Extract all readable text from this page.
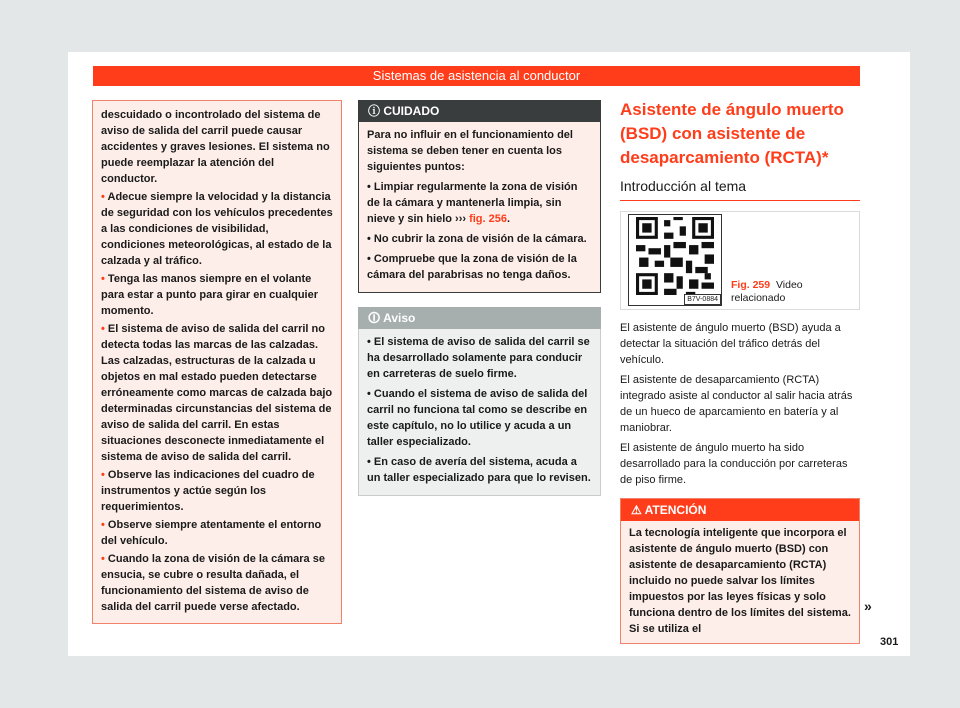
Sistemas de asistencia al conductor

descuidado o incontrolado del sistema de aviso de salida del carril puede causar accidentes y graves lesiones. El sistema no puede reemplazar la atención del conductor.

• Adecue siempre la velocidad y la distancia de seguridad con los vehículos precedentes a las condiciones de visibilidad, condiciones meteorológicas, al estado de la calzada y al tráfico.

• Tenga las manos siempre en el volante para estar a punto para girar en cualquier momento.

• El sistema de aviso de salida del carril no detecta todas las marcas de las calzadas. Las calzadas, estructuras de la calzada u objetos en mal estado pueden detectarse erróneamente como marcas de calzada bajo determinadas circunstancias del sistema de aviso de salida del carril. En estas situaciones desconecte inmediatamente el sistema de aviso de salida del carril.

• Observe las indicaciones del cuadro de instrumentos y actúe según los requerimientos.

• Observe siempre atentamente el entorno del vehículo.

• Cuando la zona de visión de la cámara se ensucia, se cubre o resulta dañada, el funcionamiento del sistema de aviso de salida del carril puede verse afectado.

ⓘ CUIDADO

Para no influir en el funcionamiento del sistema se deben tener en cuenta los siguientes puntos:

• Limpiar regularmente la zona de visión de la cámara y mantenerla limpia, sin nieve y sin hielo ››› fig. 256.

• No cubrir la zona de visión de la cámara.

• Compruebe que la zona de visión de la cámara del parabrisas no tenga daños.

🛈 Aviso

• El sistema de aviso de salida del carril se ha desarrollado solamente para conducir en carreteras de suelo firme.

• Cuando el sistema de aviso de salida del carril no funciona tal como se describe en este capítulo, no lo utilice y acuda a un taller especializado.

• En caso de avería del sistema, acuda a un taller especializado para que lo revisen.

Asistente de ángulo muerto (BSD) con asistente de desaparcamiento (RCTA)*
Introducción al tema
B7V-0884
Fig. 259 Video relacionado

El asistente de ángulo muerto (BSD) ayuda a detectar la situación del tráfico detrás del vehículo.

El asistente de desaparcamiento (RCTA) integrado asiste al conductor al salir hacia atrás de un hueco de aparcamiento en batería y al maniobrar.

El asistente de ángulo muerto ha sido desarrollado para la conducción por carreteras de piso firme.

⚠ ATENCIÓN
La tecnología inteligente que incorpora el asistente de ángulo muerto (BSD) con asistente de desaparcamiento (RCTA) incluido no puede salvar los límites impuestos por las leyes físicas y solo funciona dentro de los límites del sistema. Si se utiliza el
»
301
